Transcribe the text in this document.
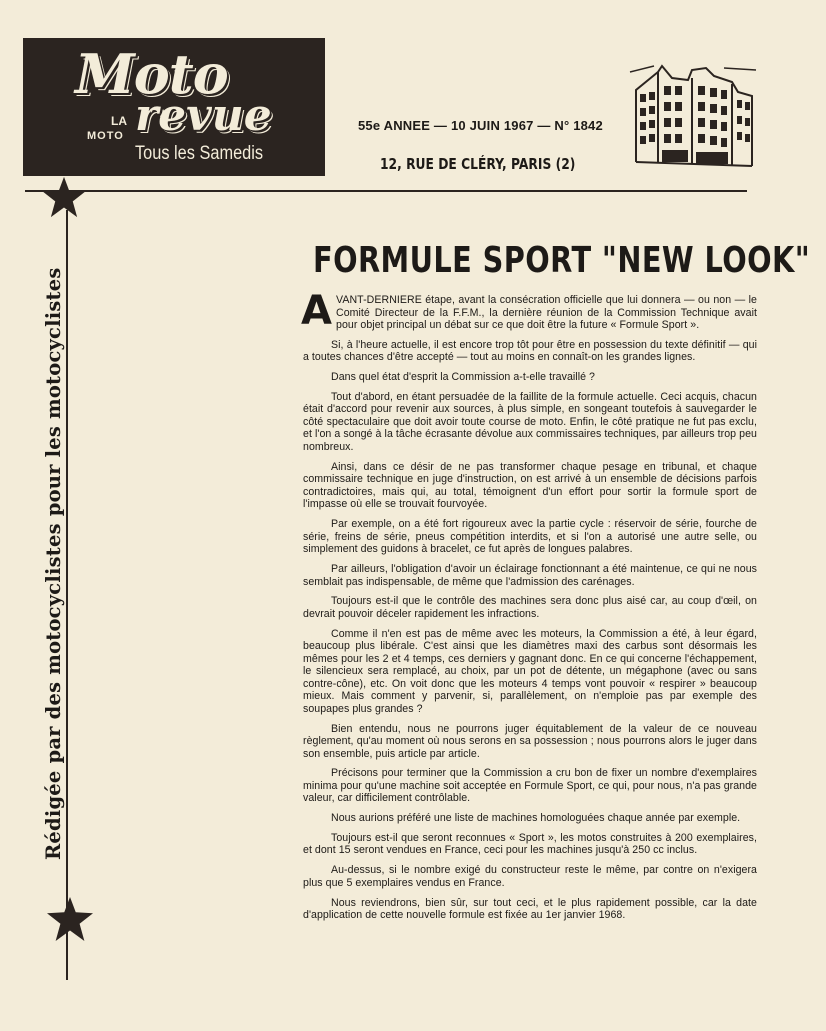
Moto
LA
MOTO revue
Tous les Samedis
55e ANNEE — 10 JUIN 1967 — N° 1842
12, RUE DE CLÉRY, PARIS (2)
Rédigée par des motocyclistes pour les motocyclistes
FORMULE SPORT "NEW LOOK"

AVANT-DERNIERE étape, avant la consécration officielle que lui donnera — ou non — le Comité Directeur de la F.F.M., la dernière réunion de la Commission Technique avait pour objet principal un débat sur ce que doit être la future « Formule Sport ».

Si, à l'heure actuelle, il est encore trop tôt pour être en possession du texte définitif — qui a toutes chances d'être accepté — tout au moins en connaît-on les grandes lignes.

Dans quel état d'esprit la Commission a-t-elle travaillé ?

Tout d'abord, en étant persuadée de la faillite de la formule actuelle. Ceci acquis, chacun était d'accord pour revenir aux sources, à plus simple, en songeant toutefois à sauvegarder le côté spectaculaire que doit avoir toute course de moto. Enfin, le côté pratique ne fut pas exclu, et l'on a songé à la tâche écrasante dévolue aux commissaires techniques, par ailleurs trop peu nombreux.

Ainsi, dans ce désir de ne pas transformer chaque pesage en tribunal, et chaque commissaire technique en juge d'instruction, on est arrivé à un ensemble de décisions parfois contradictoires, mais qui, au total, témoignent d'un effort pour sortir la formule sport de l'impasse où elle se trouvait fourvoyée.

Par exemple, on a été fort rigoureux avec la partie cycle : réservoir de série, fourche de série, freins de série, pneus compétition interdits, et si l'on a autorisé une autre selle, ou simplement des guidons à bracelet, ce fut après de longues palabres.

Par ailleurs, l'obligation d'avoir un éclairage fonctionnant a été maintenue, ce qui ne nous semblait pas indispensable, de même que l'admission des carénages.

Toujours est-il que le contrôle des machines sera donc plus aisé car, au coup d'œil, on devrait pouvoir déceler rapidement les infractions.

Comme il n'en est pas de même avec les moteurs, la Commission a été, à leur égard, beaucoup plus libérale. C'est ainsi que les diamètres maxi des carbus sont désormais les mêmes pour les 2 et 4 temps, ces derniers y gagnant donc. En ce qui concerne l'échappement, le silencieux sera remplacé, au choix, par un pot de détente, un mégaphone (avec ou sans contre-cône), etc. On voit donc que les moteurs 4 temps vont pouvoir « respirer » beaucoup mieux. Mais comment y parvenir, si, parallèlement, on n'emploie pas par exemple des soupapes plus grandes ?

Bien entendu, nous ne pourrons juger équitablement de la valeur de ce nouveau règlement, qu'au moment où nous serons en sa possession ; nous pourrons alors le juger dans son ensemble, puis article par article.

Précisons pour terminer que la Commission a cru bon de fixer un nombre d'exemplaires minima pour qu'une machine soit acceptée en Formule Sport, ce qui, pour nous, n'a pas grande valeur, car difficilement contrôlable.

Nous aurions préféré une liste de machines homologuées chaque année par exemple.

Toujours est-il que seront reconnues « Sport », les motos construites à 200 exemplaires, et dont 15 seront vendues en France, ceci pour les machines jusqu'à 250 cc inclus.

Au-dessus, si le nombre exigé du constructeur reste le même, par contre on n'exigera plus que 5 exemplaires vendus en France.

Nous reviendrons, bien sûr, sur tout ceci, et le plus rapidement possible, car la date d'application de cette nouvelle formule est fixée au 1er janvier 1968.
